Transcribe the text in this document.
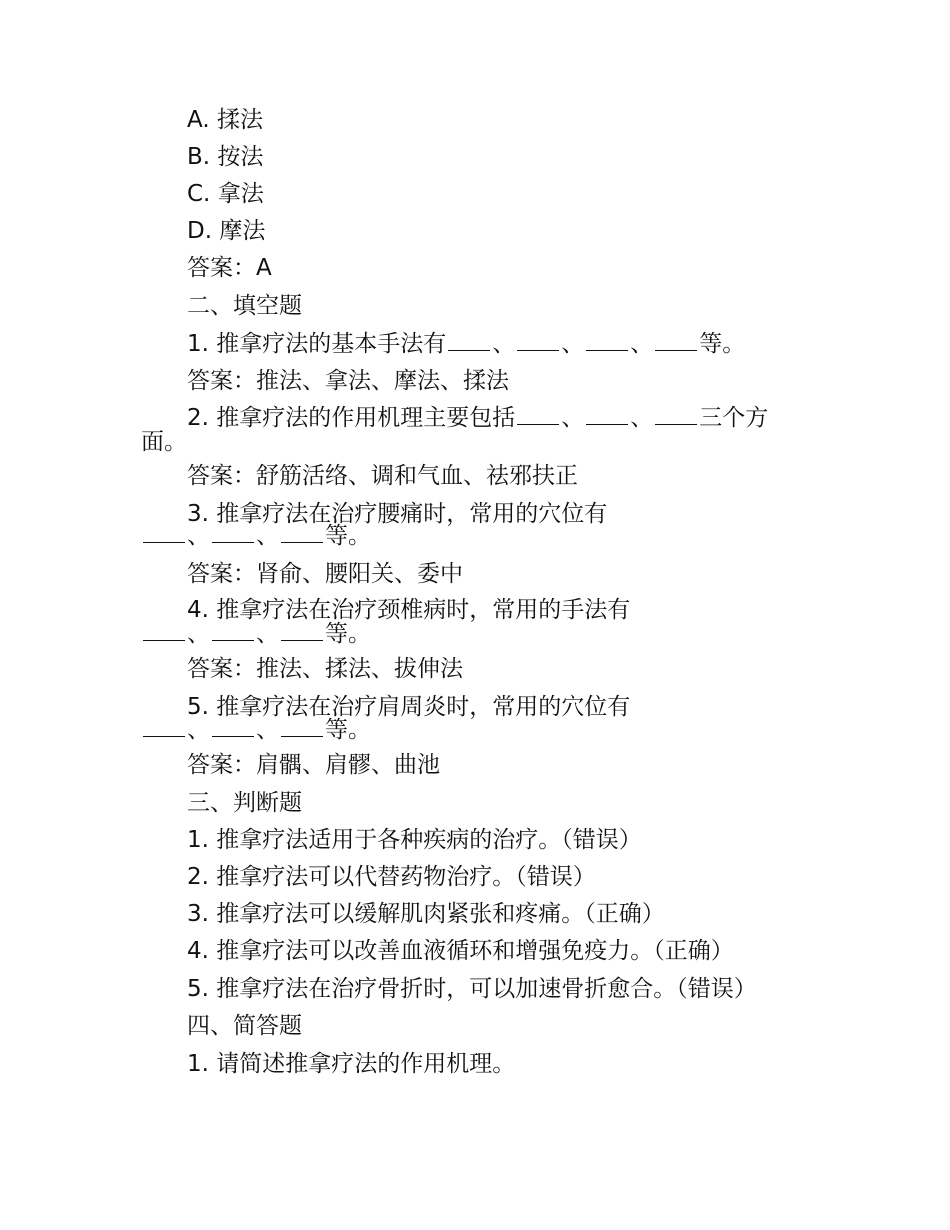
A. 揉法

B. 按法

C. 拿法

D. 摩法

答案：A

二、填空题

1. 推拿疗法的基本手法有 、 、 、 等。

答案：推法、拿法、摩法、揉法

2. 推拿疗法的作用机理主要包括 、 、 三个方

面。

答案：舒筋活络、调和气血、祛邪扶正

3. 推拿疗法在治疗腰痛时，常用的穴位有

、 、 等。

答案：肾俞、腰阳关、委中

4. 推拿疗法在治疗颈椎病时，常用的手法有

、 、 等。

答案：推法、揉法、拔伸法

5. 推拿疗法在治疗肩周炎时，常用的穴位有

、 、 等。

答案：肩髃、肩髎、曲池

三、判断题

1. 推拿疗法适用于各种疾病的治疗。（错误）

2. 推拿疗法可以代替药物治疗。（错误）

3. 推拿疗法可以缓解肌肉紧张和疼痛。（正确）

4. 推拿疗法可以改善血液循环和增强免疫力。（正确）

5. 推拿疗法在治疗骨折时，可以加速骨折愈合。（错误）

四、简答题

1. 请简述推拿疗法的作用机理。
